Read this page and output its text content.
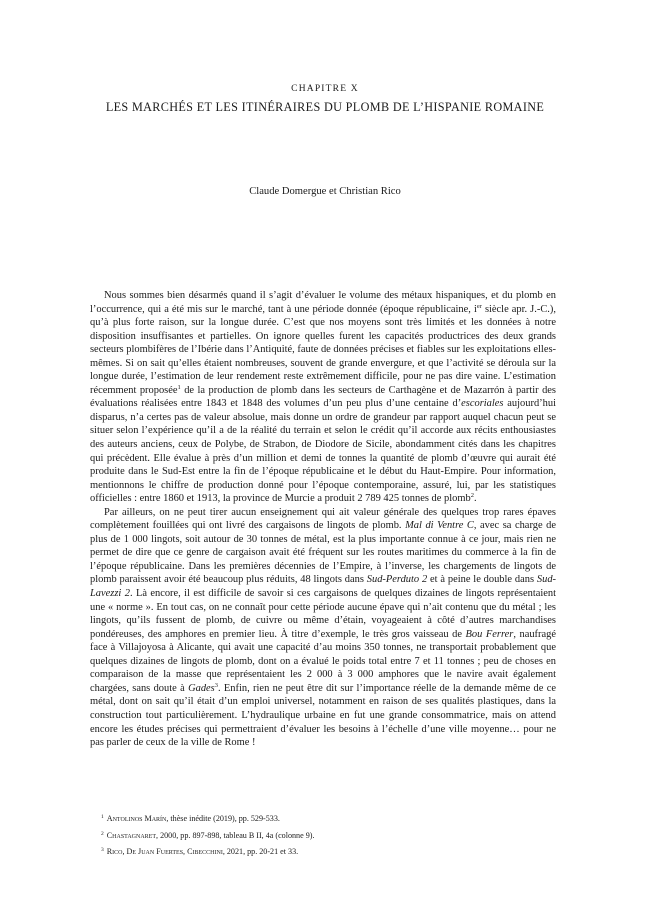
CHAPITRE X
LES MARCHÉS ET LES ITINÉRAIRES DU PLOMB DE L’HISPANIE ROMAINE
Claude Domergue et Christian Rico

Nous sommes bien désarmés quand il s’agit d’évaluer le volume des métaux hispaniques, et du plomb en l’occurrence, qui a été mis sur le marché, tant à une période donnée (époque républicaine, $i^{er}$ siècle apr. J.-C.), qu’à plus forte raison, sur la longue durée. C’est que nos moyens sont très limités et les données à notre disposition insuffisantes et partielles. On ignore quelles furent les capacités productrices des deux grands secteurs plombifères de l’Ibérie dans l’Antiquité, faute de données précises et fiables sur les exploitations elles-mêmes. Si on sait qu’elles étaient nombreuses, souvent de grande envergure, et que l’activité se déroula sur la longue durée, l’estimation de leur rendement reste extrêmement difficile, pour ne pas dire vaine. L’estimation récemment proposée$^1$ de la production de plomb dans les secteurs de Carthagène et de Mazarrón à partir des évaluations réalisées entre 1843 et 1848 des volumes d’un peu plus d’une centaine d’escoriales aujourd’hui disparus, n’a certes pas de valeur absolue, mais donne un ordre de grandeur par rapport auquel chacun peut se situer selon l’expérience qu’il a de la réalité du terrain et selon le crédit qu’il accorde aux récits enthousiastes des auteurs anciens, ceux de Polybe, de Strabon, de Diodore de Sicile, abondamment cités dans les chapitres qui précèdent. Elle évalue à près d’un million et demi de tonnes la quantité de plomb d’œuvre qui aurait été produite dans le Sud-Est entre la fin de l’époque républicaine et le début du Haut-Empire. Pour information, mentionnons le chiffre de production donné pour l’époque contemporaine, assuré, lui, par les statistiques officielles : entre 1860 et 1913, la province de Murcie a produit 2 789 425 tonnes de plomb$^2$.

Par ailleurs, on ne peut tirer aucun enseignement qui ait valeur générale des quelques trop rares épaves complètement fouillées qui ont livré des cargaisons de lingots de plomb. Mal di Ventre C, avec sa charge de plus de 1 000 lingots, soit autour de 30 tonnes de métal, est la plus importante connue à ce jour, mais rien ne permet de dire que ce genre de cargaison avait été fréquent sur les routes maritimes du commerce à la fin de l’époque républicaine. Dans les premières décennies de l’Empire, à l’inverse, les chargements de lingots de plomb paraissent avoir été beaucoup plus réduits, 48 lingots dans Sud-Perduto 2 et à peine le double dans Sud-Lavezzi 2. Là encore, il est difficile de savoir si ces cargaisons de quelques dizaines de lingots représentaient une « norme ». En tout cas, on ne connaît pour cette période aucune épave qui n’ait contenu que du métal ; les lingots, qu’ils fussent de plomb, de cuivre ou même d’étain, voyageaient à côté d’autres marchandises pondéreuses, des amphores en premier lieu. À titre d’exemple, le très gros vaisseau de Bou Ferrer, naufragé face à Villajoyosa à Alicante, qui avait une capacité d’au moins 350 tonnes, ne transportait probablement que quelques dizaines de lingots de plomb, dont on a évalué le poids total entre 7 et 11 tonnes ; peu de choses en comparaison de la masse que représentaient les 2 000 à 3 000 amphores que le navire avait également chargées, sans doute à Gades$^3$. Enfin, rien ne peut être dit sur l’importance réelle de la demande même de ce métal, dont on sait qu’il était d’un emploi universel, notamment en raison de ses qualités plastiques, dans la construction tout particulièrement. L’hydraulique urbaine en fut une grande consommatrice, mais on attend encore les études précises qui permettraient d’évaluer les besoins à l’échelle d’une ville moyenne… pour ne pas parler de ceux de la ville de Rome !

$^1$ Antolinos Marín, thèse inédite (2019), pp. 529-533.

$^2$ Chastagnaret, 2000, pp. 897-898, tableau B II, 4a (colonne 9).

$^3$ Rico, De Juan Fuertes, Cibecchini, 2021, pp. 20-21 et 33.
